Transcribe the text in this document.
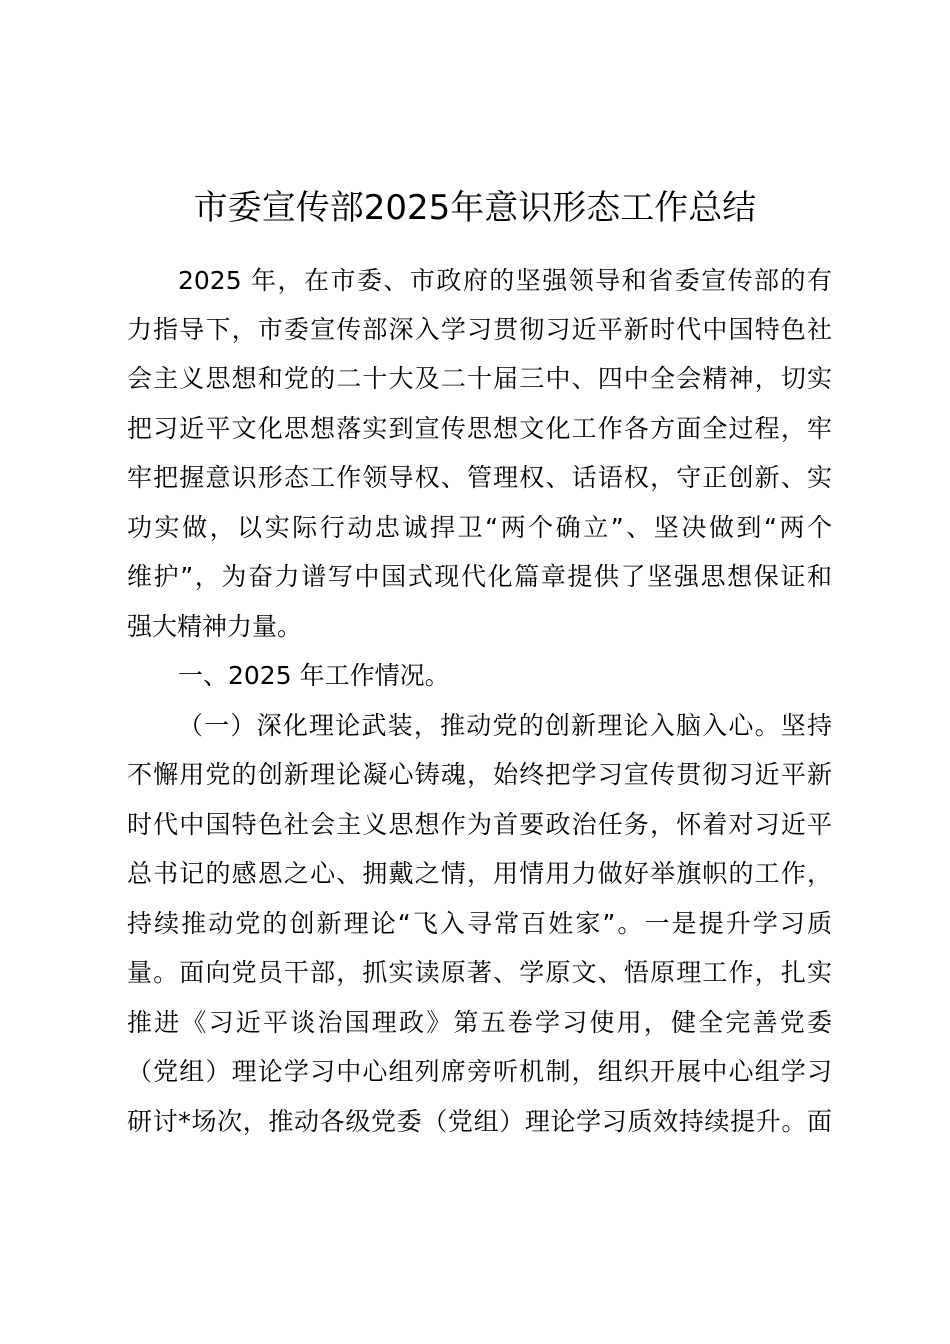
市委宣传部2025年意识形态工作总结
2025 年，在市委、市政府的坚强领导和省委宣传部的有
力指导下，市委宣传部深入学习贯彻习近平新时代中国特色社
会主义思想和党的二十大及二十届三中、四中全会精神，切实
把习近平文化思想落实到宣传思想文化工作各方面全过程，牢
牢把握意识形态工作领导权、管理权、话语权，守正创新、实
功实做，以实际行动忠诚捍卫“两个确立”、坚决做到“两个
维护”，为奋力谱写中国式现代化篇章提供了坚强思想保证和
强大精神力量。
一、2025 年工作情况。
（一）深化理论武装，推动党的创新理论入脑入心。坚持
不懈用党的创新理论凝心铸魂，始终把学习宣传贯彻习近平新
时代中国特色社会主义思想作为首要政治任务，怀着对习近平
总书记的感恩之心、拥戴之情，用情用力做好举旗帜的工作，
持续推动党的创新理论“飞入寻常百姓家”。一是提升学习质
量。面向党员干部，抓实读原著、学原文、悟原理工作，扎实
推进《习近平谈治国理政》第五卷学习使用，健全完善党委
（党组）理论学习中心组列席旁听机制，组织开展中心组学习
研讨*场次，推动各级党委（党组）理论学习质效持续提升。面
